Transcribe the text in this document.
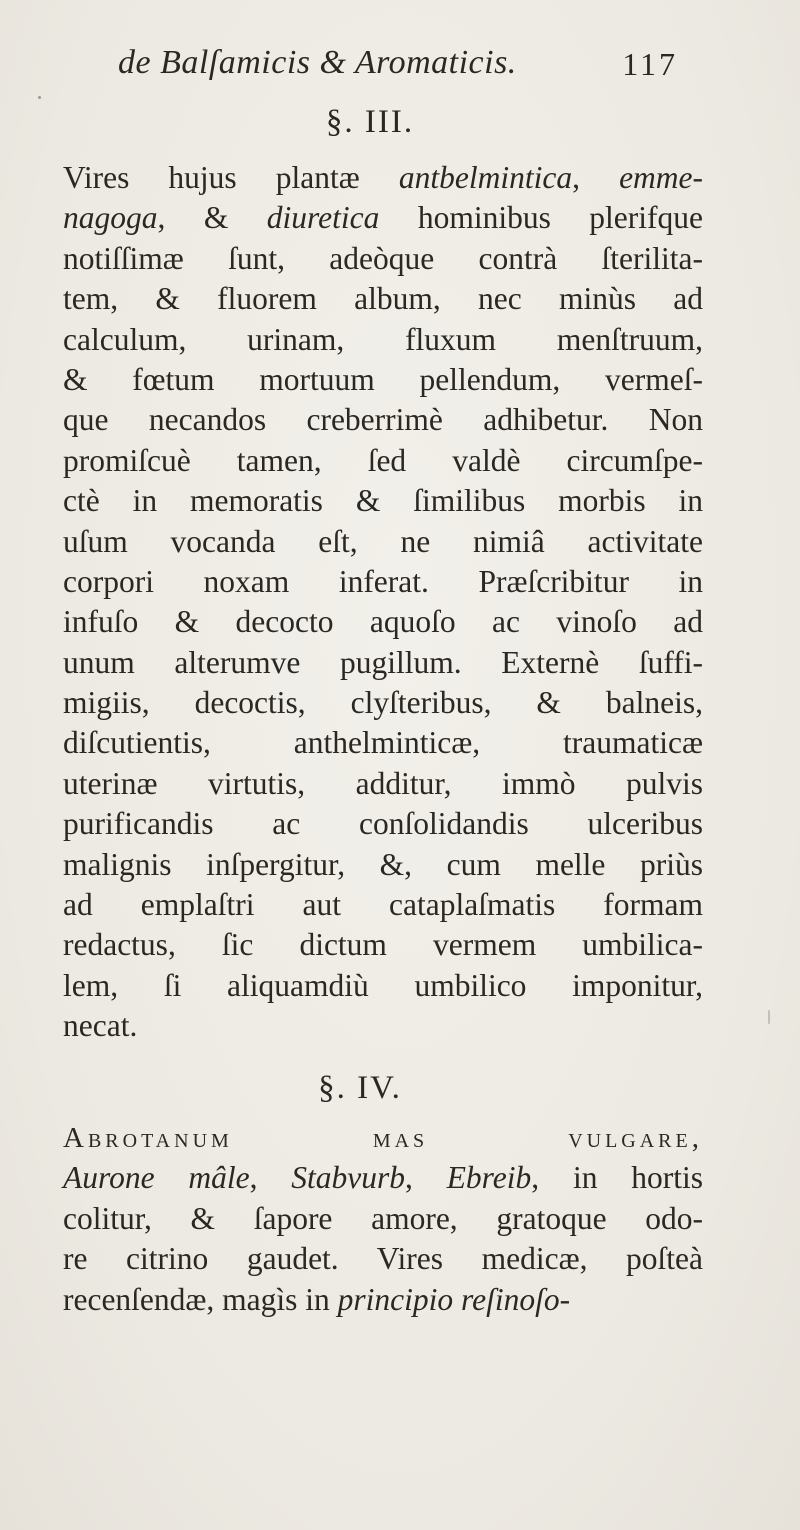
de Balſamicis & Aromaticis.	117
§. III.
Vires hujus plantæ antbelmintica, emme-
nagoga, & diuretica hominibus plerifque
notiſſimæ ſunt, adeòque contrà ſterilita-
tem, & fluorem album, nec minùs ad
calculum, urinam, fluxum menſtruum,
& fœtum mortuum pellendum, vermeſ-
que necandos creberrimè adhibetur. Non
promiſcuè tamen, ſed valdè circumſpe-
ctè in memoratis & ſimilibus morbis in
uſum vocanda eſt, ne nimiâ activitate
corpori noxam inferat. Præſcribitur in
infuſo & decocto aquoſo ac vinoſo ad
unum alterumve pugillum. Externè ſuffi-
migiis, decoctis, clyſteribus, & balneis,
diſcutientis, anthelminticæ, traumaticæ
uterinæ virtutis, additur, immò pulvis
purificandis ac conſolidandis ulceribus
malignis inſpergitur, &, cum melle priùs
ad emplaſtri aut cataplaſmatis formam
redactus, ſic dictum vermem umbilica-
lem, ſi aliquamdiù umbilico imponitur,
necat.
§. IV.
Abrotanum mas vulgare,
Aurone mâle, Stabvurb, Ebreib, in hortis
colitur, & ſapore amore, gratoque odo-
re citrino gaudet. Vires medicæ, poſteà
recenſendæ, magìs in principio reſinoſo-
